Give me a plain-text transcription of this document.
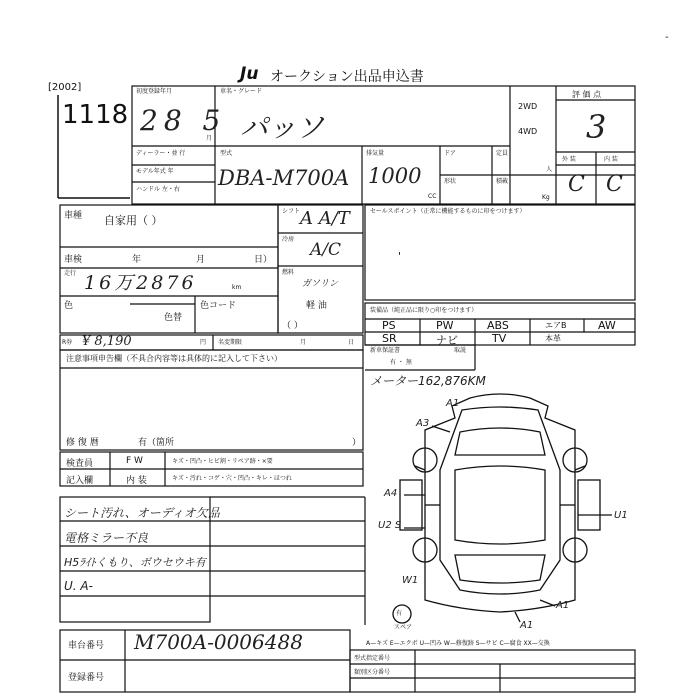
Ju オークション出品申込書
[2002]
1118
-
初度登録年月
28 5
月
車名・グレード
パッソ
ディーラー・並 行
モデル年式 年
ハンドル 左・右
型式
DBA-M700A
排気量
1000
CC
ドア	定員
人
形状	積載
Kg
2WD
4WD
評 価 点
3
外 装	内 装
C C
車種 自家用（ ）
車検	年	月	日）
走行 16万2876	km
色
色替
色コード
シフト A A/T
冷房
A/C
燃料
ガソリン
軽 油
（ ）
R券 ¥ 8,190	円 名変期限	月	日
セールスポイント（正常に機能するものに印をつけます）
'
装備品（純正品に限り○印をつけます）
PS	PW	ABS	エアB	AW
SR	ナビ	TV	本革
新車保証書
有 ・ 無
取説
メーター162,876KM
注意事項申告欄（不具合内容等は具体的に記入して下さい）
修 復 暦	有（箇所	）
検査員
記入欄
F W	キズ・凹凸・ヒビ割・リペア跡・×要
内 装	キズ・汚れ・コゲ・穴・凹凸・キレ・ほつれ
シート汚れ、オーディオ欠品
電格ミラー不良
H5ﾗｲﾄくもり、ボウセウキ有
U. A-
A1
A3
A4
U2 S
U1
A1
A1
W1
有
スペア
車台番号 M700A-0006488
登録番号
A—キズ E—エクボ U—凹み W—修復跡 S—サビ C—腐食 XX—交換
型式指定番号
類別区分番号
